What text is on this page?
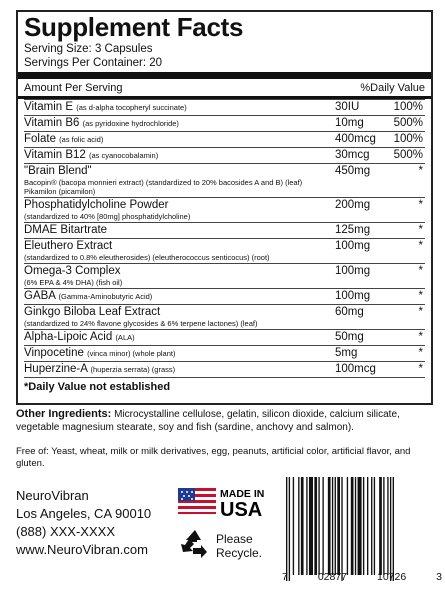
Supplement Facts
Serving Size: 3 Capsules
Servings Per Container: 20
Amount Per Serving	%Daily Value
Vitamin E (as d-alpha tocopheryl succinate)	30IU	100%
Vitamin B6 (as pyridoxine hydrochloride)	10mg	500%
Folate (as folic acid)	400mcg	100%
Vitamin B12 (as cyanocobalamin)	30mcg	500%
"Brain Blend"
Bacopin® (bacopa monnieri extract) (standardized to 20% bacosides A and B) (leaf)
Pikamilon (picamilon)
450mg	*
Phosphatidylcholine Powder
(standardized to 40% [80mg] phosphatidylcholine)
200mg	*
DMAE Bitartrate	125mg	*
Eleuthero Extract
(standardized to 0.8% eleutherosides) (eleutherococcus senticocus) (root)
100mg	*
Omega-3 Complex
(6% EPA & 4% DHA) (fish oil)
100mg	*
GABA (Gamma-Aminobutyric Acid)	100mg	*
Ginkgo Biloba Leaf Extract
(standardized to 24% flavone glycosides & 6% terpene lactones) (leaf)
60mg	*
Alpha-Lipoic Acid (ALA)	50mg	*
Vinpocetine (vinca minor) (whole plant)	5mg	*
Huperzine-A (huperzia serrata) (grass)	100mcg	*
*Daily Value not established
Other Ingredients: Microcystalline cellulose, gelatin, silicon dioxide, calcium silicate, vegetable magnesium stearate, soy and fish (sardine, anchovy and salmon).
Free of: Yeast, wheat, milk or milk derivatives, egg, peanuts, artificial color, artificial flavor, and gluten.
NeuroVibran
Los Angeles, CA 90010
(888) XXX-XXXX
www.NeuroVibran.com
MADE IN
USA
Please
Recycle.
7	02877	10726	3
